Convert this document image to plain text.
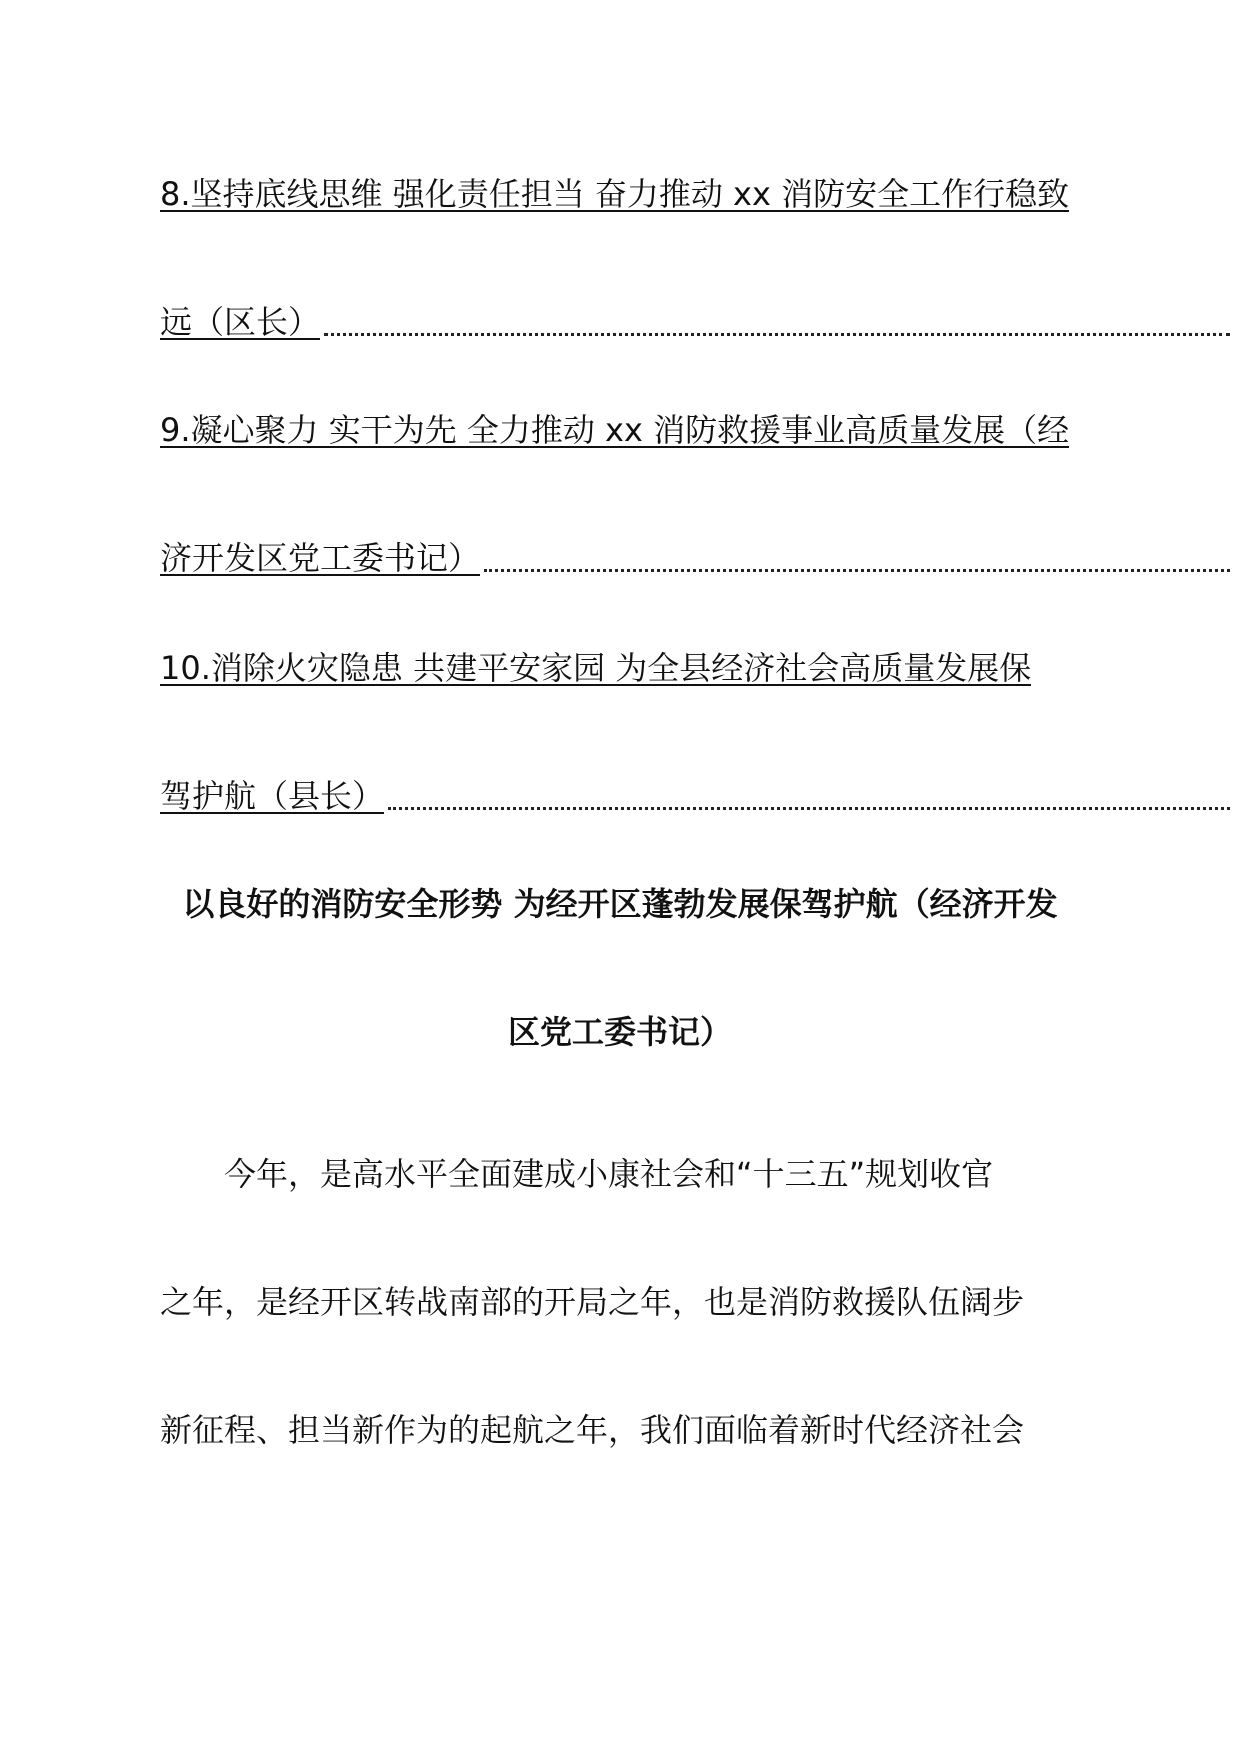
8.坚持底线思维 强化责任担当 奋力推动 xx 消防安全工作行稳致
远（区长）
9.凝心聚力 实干为先 全力推动 xx 消防救援事业高质量发展（经
济开发区党工委书记）
10.消除火灾隐患 共建平安家园 为全县经济社会高质量发展保
驾护航（县长）
以良好的消防安全形势 为经开区蓬勃发展保驾护航（经济开发
区党工委书记）
今年，是高水平全面建成小康社会和“十三五”规划收官
之年，是经开区转战南部的开局之年，也是消防救援队伍阔步
新征程、担当新作为的起航之年，我们面临着新时代经济社会
